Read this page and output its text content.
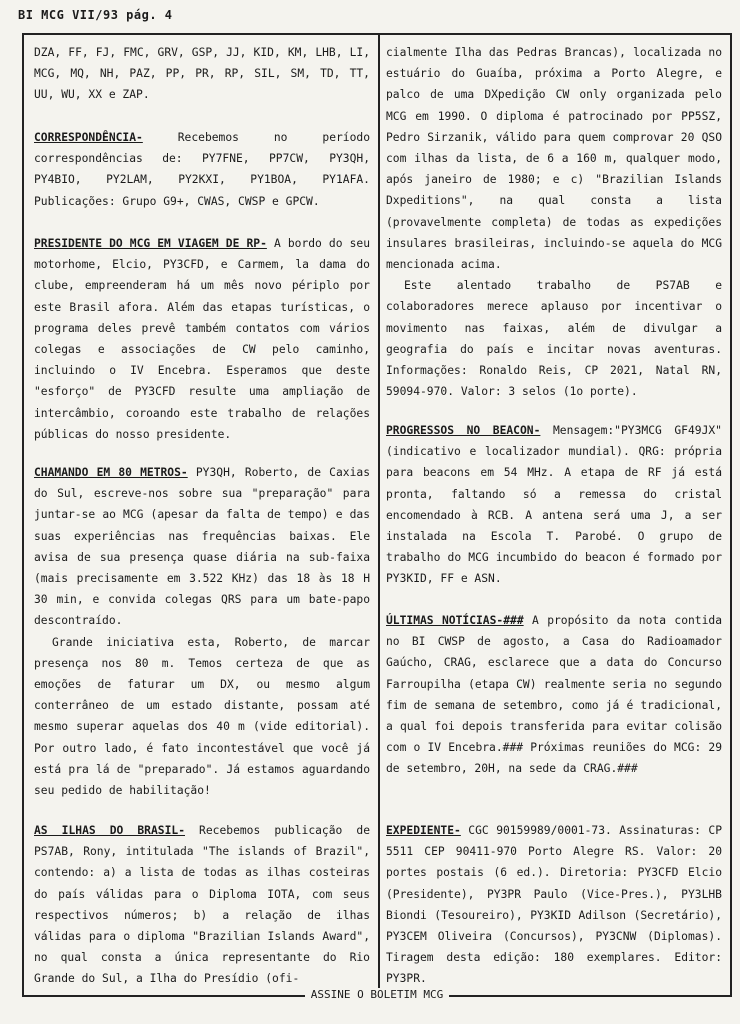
BI MCG VII/93 pág. 4

DZA, FF, FJ, FMC, GRV, GSP, JJ, KID, KM, LHB, LI, MCG, MQ, NH, PAZ, PP, PR, RP, SIL, SM, TD, TT, UU, WU, XX e ZAP.

CORRESPONDÊNCIA- Recebemos no período correspondências de: PY7FNE, PP7CW, PY3QH, PY4BIO, PY2LAM, PY2KXI, PY1BOA, PY1AFA. Publicações: Grupo G9+, CWAS, CWSP e GPCW.

PRESIDENTE DO MCG EM VIAGEM DE RP- A bordo do seu motorhome, Elcio, PY3CFD, e Carmem, la dama do clube, empreenderam há um mês novo périplo por este Brasil afora. Além das etapas turísticas, o programa deles prevê também contatos com vários colegas e associações de CW pelo caminho, incluindo o IV Encebra. Esperamos que deste "esforço" de PY3CFD resulte uma ampliação de intercâmbio, coroando este trabalho de relações públicas do nosso presidente.

CHAMANDO EM 80 METROS- PY3QH, Roberto, de Caxias do Sul, escreve-nos sobre sua "preparação" para juntar-se ao MCG (apesar da falta de tempo) e das suas experiências nas frequências baixas. Ele avisa de sua presença quase diária na sub-faixa (mais precisamente em 3.522 KHz) das 18 às 18 H 30 min, e convida colegas QRS para um bate-papo descontraído.

Grande iniciativa esta, Roberto, de marcar presença nos 80 m. Temos certeza de que as emoções de faturar um DX, ou mesmo algum conterrâneo de um estado distante, possam até mesmo superar aquelas dos 40 m (vide editorial). Por outro lado, é fato incontestável que você já está pra lá de "preparado". Já estamos aguardando seu pedido de habilitação!

AS ILHAS DO BRASIL- Recebemos publicação de PS7AB, Rony, intitulada "The islands of Brazil", contendo: a) a lista de todas as ilhas costeiras do país válidas para o Diploma IOTA, com seus respectivos números; b) a relação de ilhas válidas para o diploma "Brazilian Islands Award", no qual consta a única representante do Rio Grande do Sul, a Ilha do Presídio (ofi-

cialmente Ilha das Pedras Brancas), localizada no estuário do Guaíba, próxima a Porto Alegre, e palco de uma DXpedição CW only organizada pelo MCG em 1990. O diploma é patrocinado por PP5SZ, Pedro Sirzanik, válido para quem comprovar 20 QSO com ilhas da lista, de 6 a 160 m, qualquer modo, após janeiro de 1980; e c) "Brazilian Islands Dxpeditions", na qual consta a lista (provavelmente completa) de todas as expedições insulares brasileiras, incluindo-se aquela do MCG mencionada acima.

Este alentado trabalho de PS7AB e colaboradores merece aplauso por incentivar o movimento nas faixas, além de divulgar a geografia do país e incitar novas aventuras. Informações: Ronaldo Reis, CP 2021, Natal RN, 59094-970. Valor: 3 selos (1o porte).

PROGRESSOS NO BEACON- Mensagem:"PY3MCG GF49JX" (indicativo e localizador mundial). QRG: própria para beacons em 54 MHz. A etapa de RF já está pronta, faltando só a remessa do cristal encomendado à RCB. A antena será uma J, a ser instalada na Escola T. Parobé. O grupo de trabalho do MCG incumbido do beacon é formado por PY3KID, FF e ASN.

ÚLTIMAS NOTÍCIAS-### A propósito da nota contida no BI CWSP de agosto, a Casa do Radioamador Gaúcho, CRAG, esclarece que a data do Concurso Farroupilha (etapa CW) realmente seria no segundo fim de semana de setembro, como já é tradicional, a qual foi depois transferida para evitar colisão com o IV Encebra.### Próximas reuniões do MCG: 29 de setembro, 20H, na sede da CRAG.###

EXPEDIENTE- CGC 90159989/0001-73. Assinaturas: CP 5511 CEP 90411-970 Porto Alegre RS. Valor: 20 portes postais (6 ed.). Diretoria: PY3CFD Elcio (Presidente), PY3PR Paulo (Vice-Pres.), PY3LHB Biondi (Tesoureiro), PY3KID Adilson (Secretário), PY3CEM Oliveira (Concursos), PY3CNW (Diplomas). Tiragem desta edição: 180 exemplares. Editor: PY3PR.

ASSINE O BOLETIM MCG
